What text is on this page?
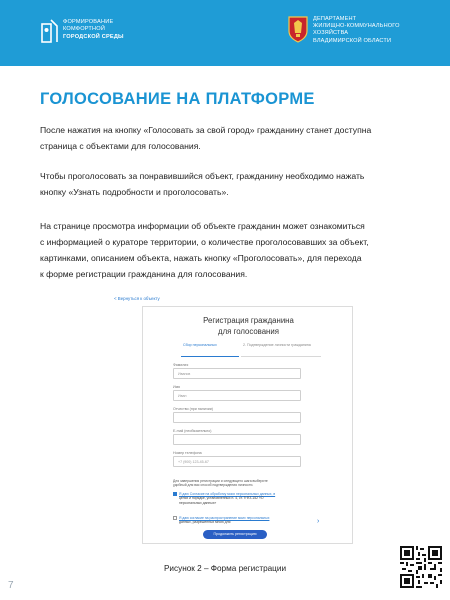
ФОРМИРОВАНИЕ
КОМФОРТНОЙ
ГОРОДСКОЙ СРЕДЫ
ДЕПАРТАМЕНТ
ЖИЛИЩНО-КОММУНАЛЬНОГО
ХОЗЯЙСТВА
ВЛАДИМИРСКОЙ ОБЛАСТИ
ГОЛОСОВАНИЕ НА ПЛАТФОРМЕ
После нажатия на кнопку «Голосовать за свой город» гражданину станет доступна
страница с объектами для голосования.
Чтобы проголосовать за понравившийся объект, гражданину необходимо нажать
кнопку «Узнать подробности и проголосовать».
На странице просмотра информации об объекте гражданин может ознакомиться
с информацией о кураторе территории, о количестве проголосовавших за объект,
картинками, описанием объекта, нажать кнопку «Проголосовать», для перехода
к форме регистрации гражданина для голосования.
< Вернуться к объекту
Регистрация гражданина
для голосования
Сбор персональных	2. Подтверждение личности гражданина
Фамилия
Иванов
Имя
Иван
Отчество (при наличии)
E-mail (необязательно)
Номер телефона
+7 (900) 123-45-67
Для завершения регистрации и следующего шага выберите
удобный для вас способ подтверждения личности.
Я даю Согласие на обработку моих персональных данных, в
целях и порядке, установленных п. 4, ст. 9 ФЗ-152 «О
персональных данных»
Я даю согласие на распространение моих персональных
данных, разрешенных мною для	›
Продолжить регистрацию
Рисунок 2 – Форма регистрации
7
